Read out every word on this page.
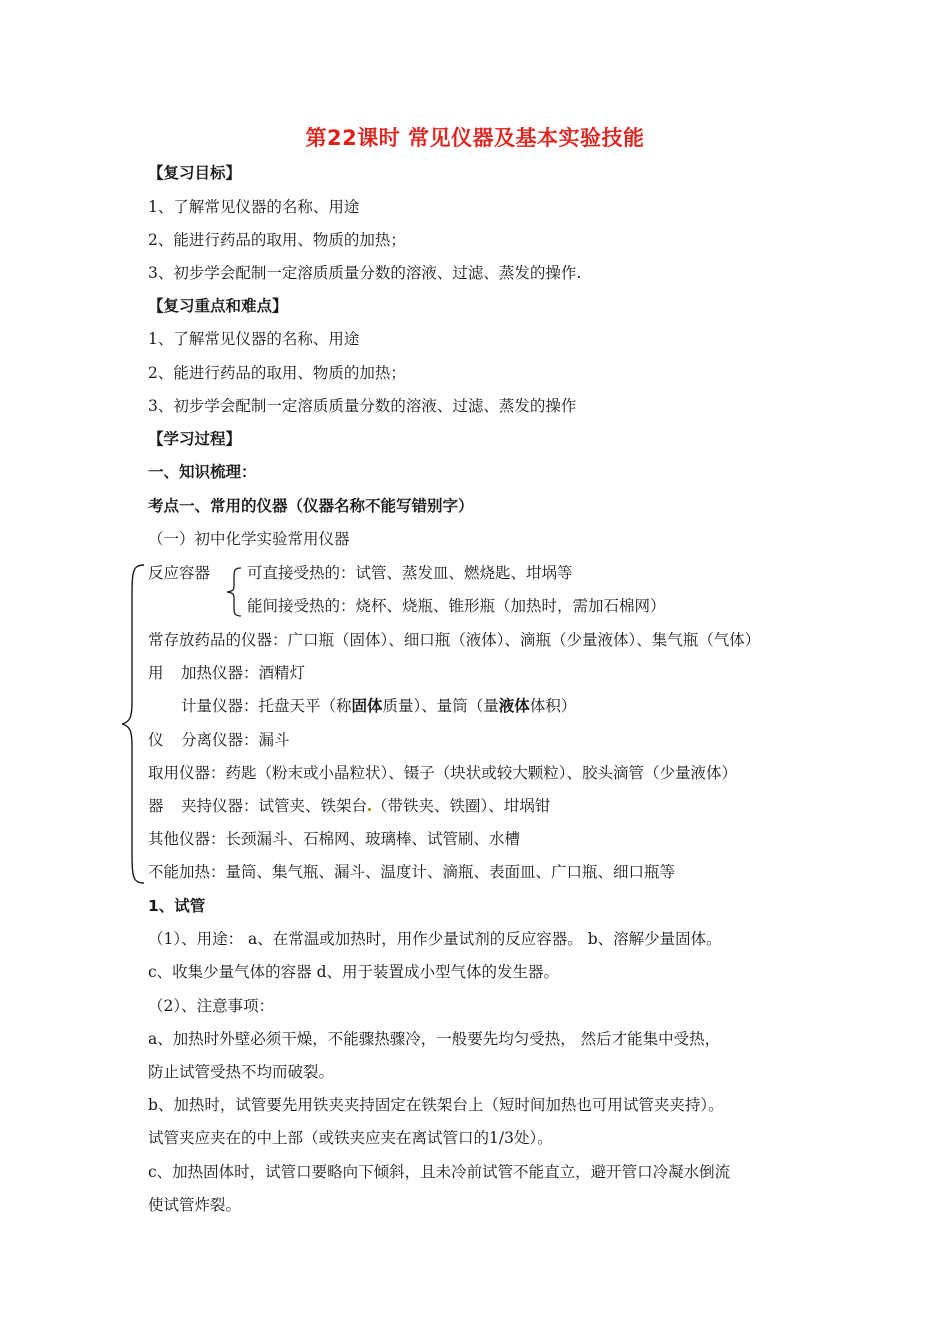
第22课时 常见仪器及基本实验技能
【复习目标】
1、了解常见仪器的名称、用途
2、能进行药品的取用、物质的加热；
3、初步学会配制一定溶质质量分数的溶液、过滤、蒸发的操作.
【复习重点和难点】
1、了解常见仪器的名称、用途
2、能进行药品的取用、物质的加热；
3、初步学会配制一定溶质质量分数的溶液、过滤、蒸发的操作
【学习过程】
一、知识梳理：
考点一、常用的仪器（仪器名称不能写错别字）
（一）初中化学实验常用仪器
反应容器 可直接受热的：试管、蒸发皿、燃烧匙、坩埚等
能间接受热的：烧杯、烧瓶、锥形瓶（加热时，需加石棉网）
常存放药品的仪器：广口瓶（固体）、细口瓶（液体）、滴瓶（少量液体）、集气瓶（气体）
用 加热仪器：酒精灯
计量仪器：托盘天平（称固体质量）、量筒（量液体体积）
仪 分离仪器：漏斗
取用仪器：药匙（粉末或小晶粒状）、镊子（块状或较大颗粒）、胶头滴管（少量液体）
器 夹持仪器：试管夹、铁架台 （带铁夹、铁圈）、坩埚钳
其他仪器：长颈漏斗、石棉网、玻璃棒、试管刷、水槽
不能加热：量筒、集气瓶、漏斗、温度计、滴瓶、表面皿、广口瓶、细口瓶等
1、试管
（1）、用途： a、在常温或加热时，用作少量试剂的反应容器。 b、溶解少量固体。
c、收集少量气体的容器 d、用于装置成小型气体的发生器。
（2）、注意事项：
a、加热时外壁必须干燥，不能骤热骤冷，一般要先均匀受热， 然后才能集中受热，
防止试管受热不均而破裂。
b、加热时，试管要先用铁夹夹持固定在铁架台上（短时间加热也可用试管夹夹持）。
试管夹应夹在的中上部（或铁夹应夹在离试管口的1/3处）。
c、加热固体时，试管口要略向下倾斜，且未冷前试管不能直立，避开管口冷凝水倒流
使试管炸裂。
